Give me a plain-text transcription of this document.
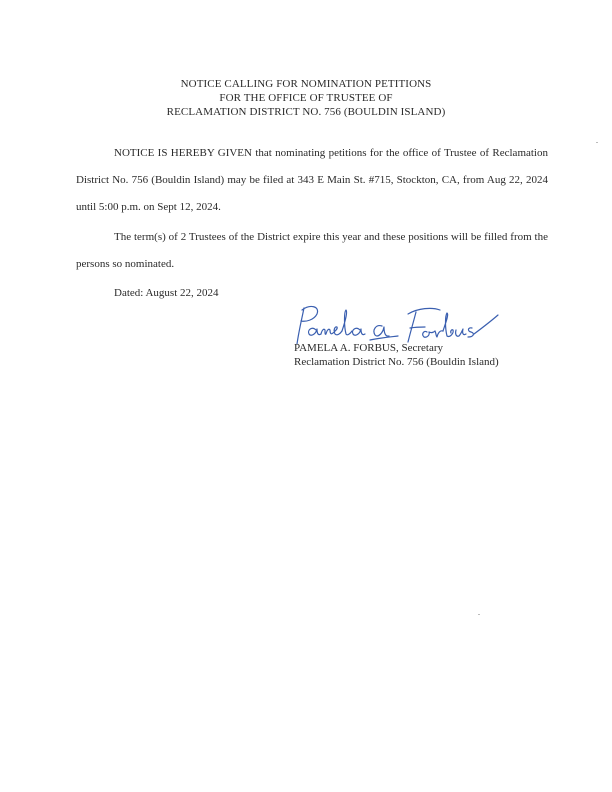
NOTICE CALLING FOR NOMINATION PETITIONS
FOR THE OFFICE OF TRUSTEE OF
RECLAMATION DISTRICT NO. 756 (BOULDIN ISLAND)
NOTICE IS HEREBY GIVEN that nominating petitions for the office of Trustee of Reclamation District No. 756 (Bouldin Island) may be filed at 343 E Main St. #715, Stockton, CA, from Aug 22, 2024 until 5:00 p.m. on Sept 12, 2024.
The term(s) of 2 Trustees of the District expire this year and these positions will be filled from the persons so nominated.
Dated: August 22, 2024
PAMELA A. FORBUS, Secretary
Reclamation District No. 756 (Bouldin Island)
